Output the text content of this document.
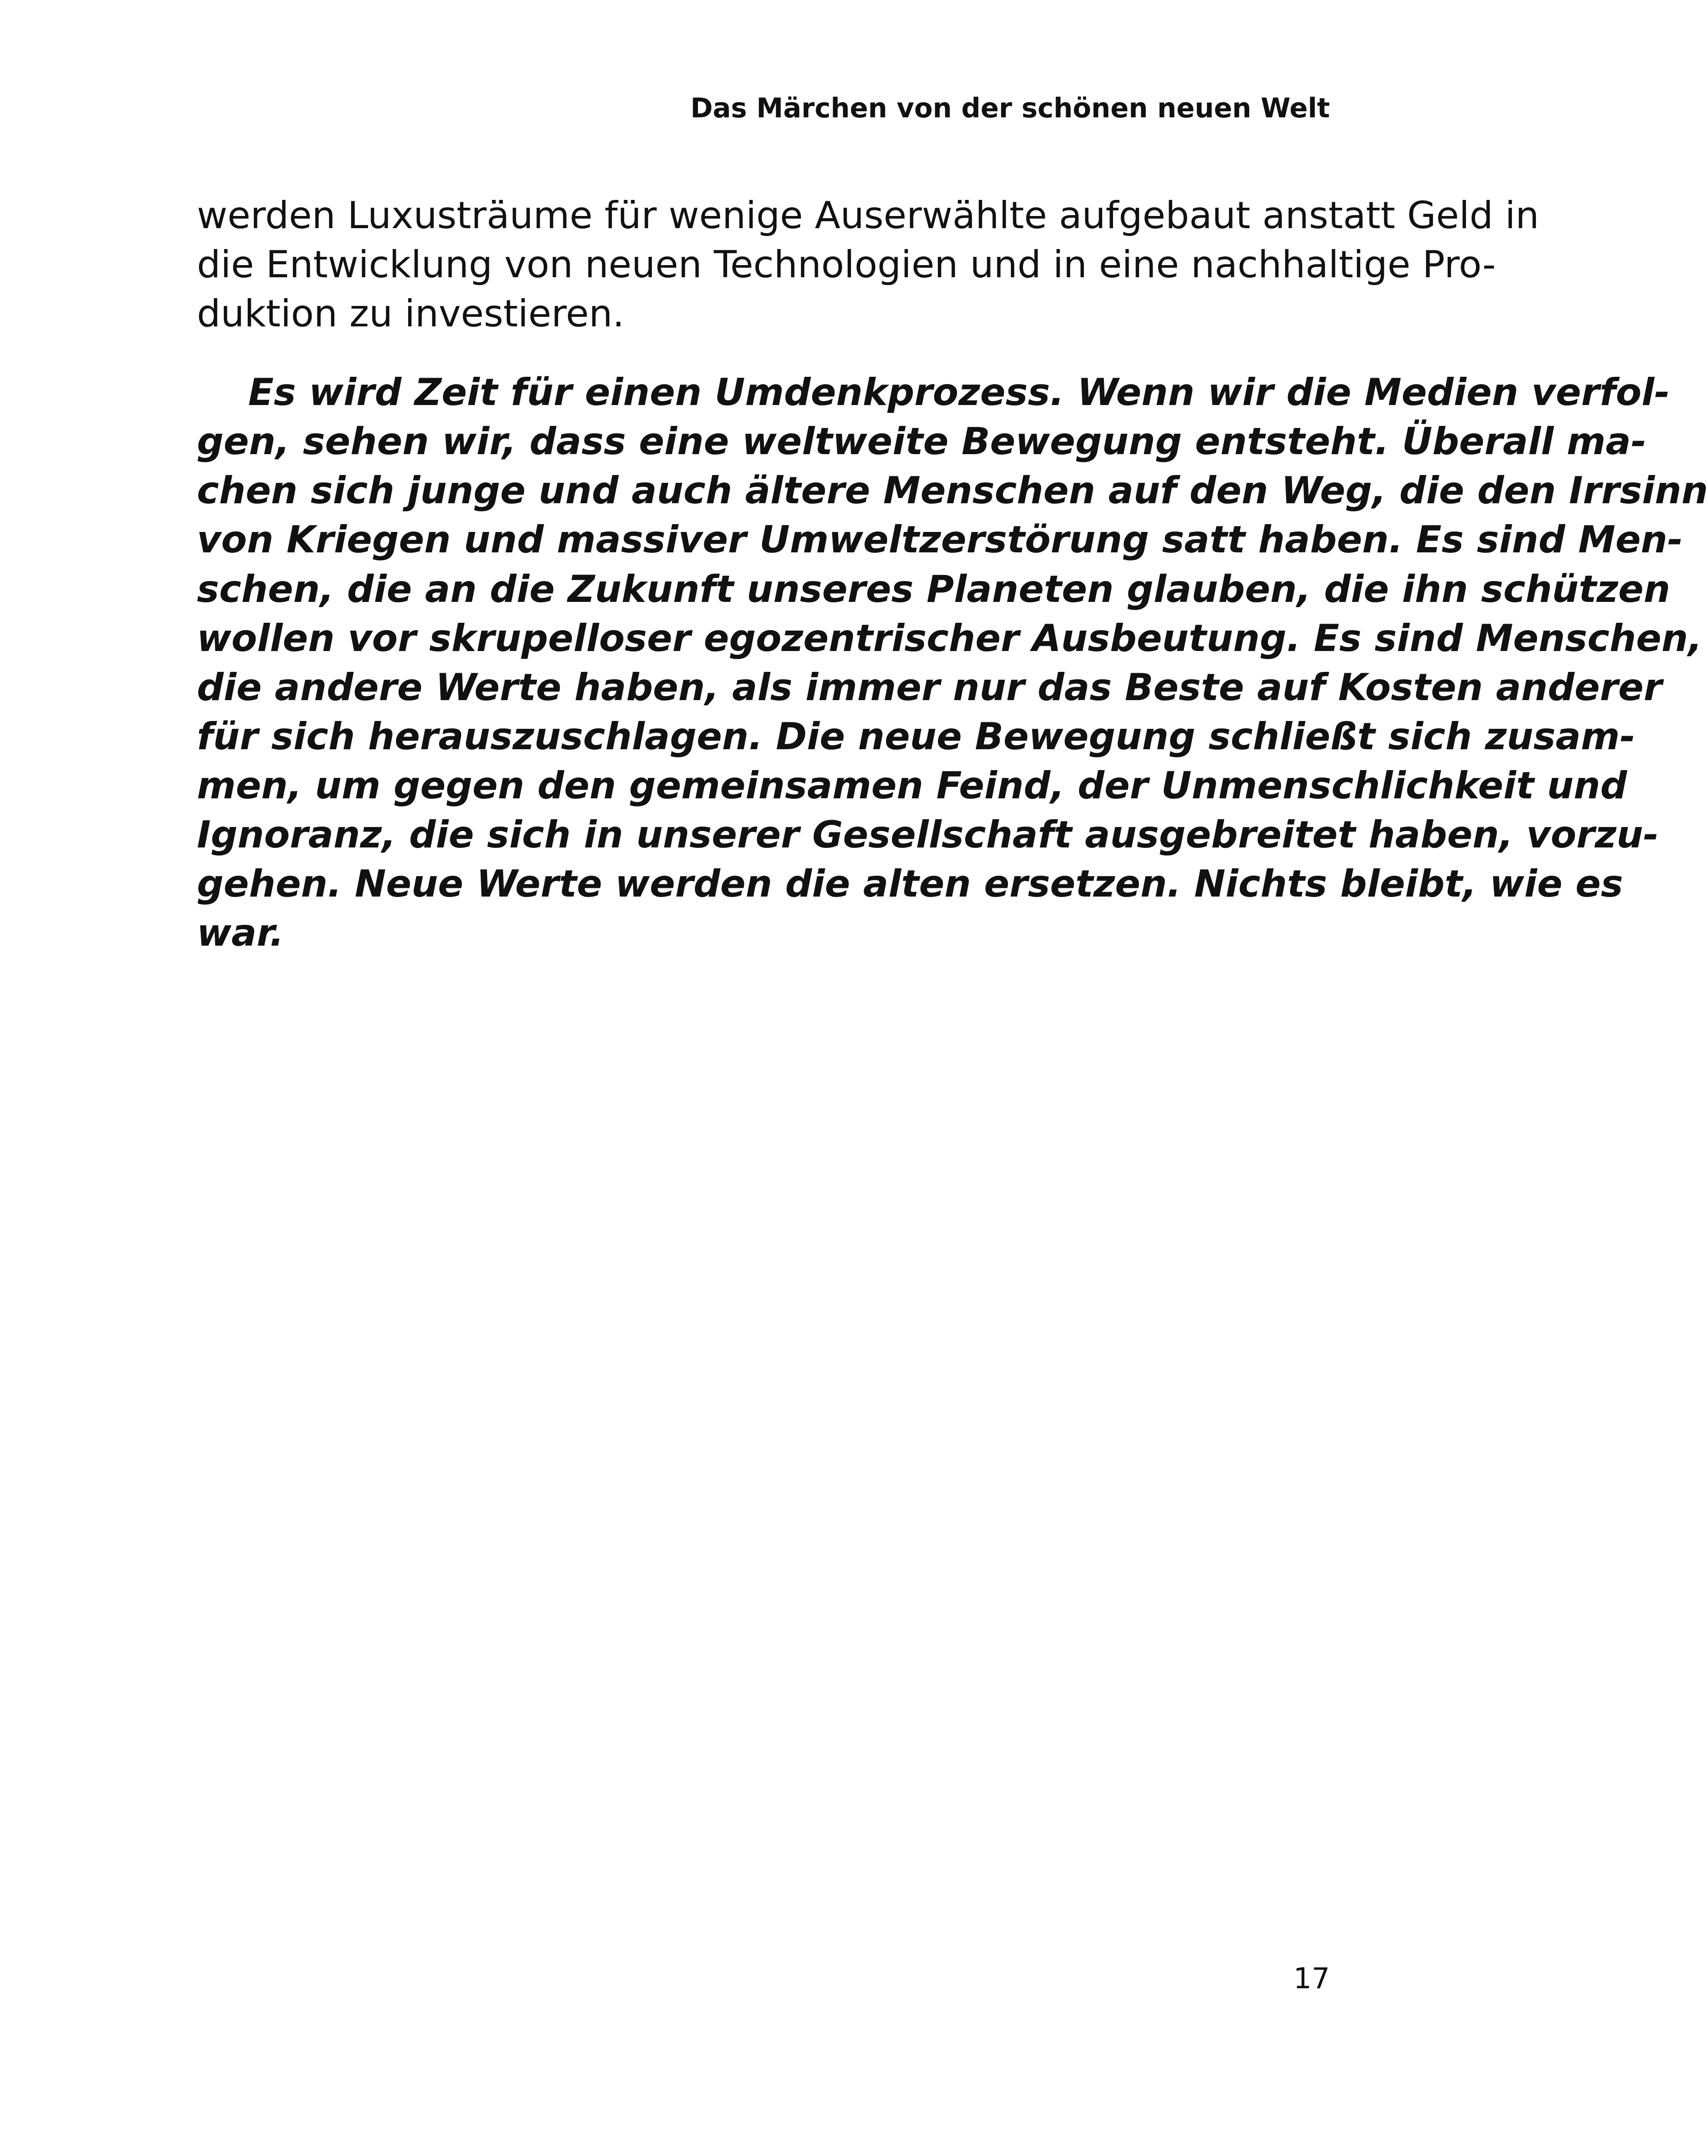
Das Märchen von der schönen neuen Welt

werden Luxusträume für wenige Auserwählte aufgebaut anstatt Geld in
die Entwicklung von neuen Technologien und in eine nachhaltige Pro-
duktion zu investieren.

Es wird Zeit für einen Umdenkprozess. Wenn wir die Medien verfol-
gen, sehen wir, dass eine weltweite Bewegung entsteht. Überall ma-
chen sich junge und auch ältere Menschen auf den Weg, die den Irrsinn
von Kriegen und massiver Umweltzerstörung satt haben. Es sind Men-
schen, die an die Zukunft unseres Planeten glauben, die ihn schützen
wollen vor skrupelloser egozentrischer Ausbeutung. Es sind Menschen,
die andere Werte haben, als immer nur das Beste auf Kosten anderer
für sich herauszuschlagen. Die neue Bewegung schließt sich zusam-
men, um gegen den gemeinsamen Feind, der Unmenschlichkeit und
Ignoranz, die sich in unserer Gesellschaft ausgebreitet haben, vorzu-
gehen. Neue Werte werden die alten ersetzen. Nichts bleibt, wie es
war.

17
